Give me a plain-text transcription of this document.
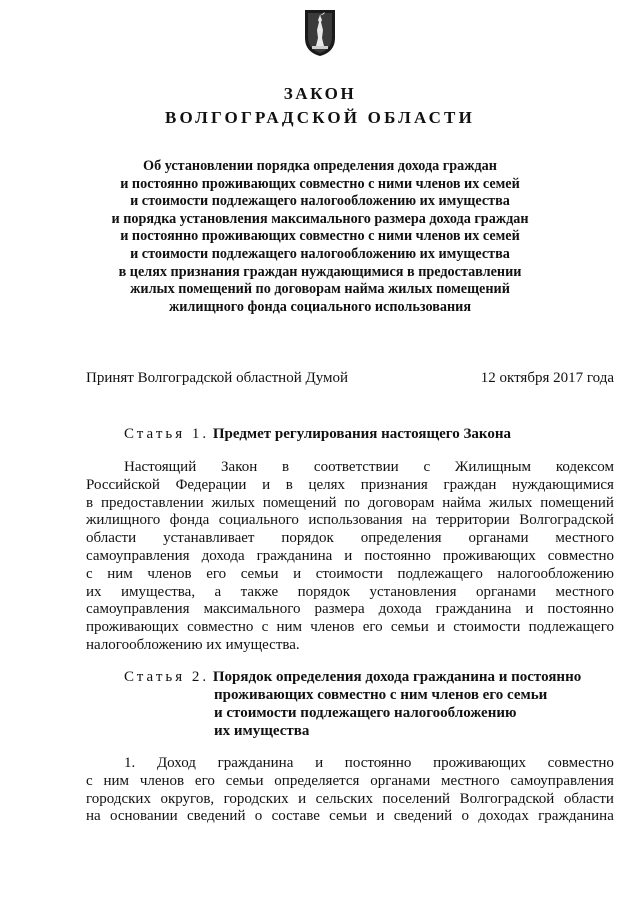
ЗАКОН
ВОЛГОГРАДСКОЙ ОБЛАСТИ
Об установлении порядка определения дохода граждан
и постоянно проживающих совместно с ними членов их семей
и стоимости подлежащего налогообложению их имущества
и порядка установления максимального размера дохода граждан
и постоянно проживающих совместно с ними членов их семей
и стоимости подлежащего налогообложению их имущества
в целях признания граждан нуждающимися в предоставлении
жилых помещений по договорам найма жилых помещений
жилищного фонда социального использования
Принят Волгоградской областной Думой	12 октября 2017 года
Статья 1. Предмет регулирования настоящего Закона
Настоящий Закон в соответствии с Жилищным кодексом
Российской Федерации и в целях признания граждан нуждающимися
в предоставлении жилых помещений по договорам найма жилых помещений
жилищного фонда социального использования на территории Волгоградской
области устанавливает порядок определения органами местного
самоуправления дохода гражданина и постоянно проживающих совместно
с ним членов его семьи и стоимости подлежащего налогообложению
их имущества, а также порядок установления органами местного
самоуправления максимального размера дохода гражданина и постоянно
проживающих совместно с ним членов его семьи и стоимости подлежащего
налогообложению их имущества.
Статья 2. Порядок определения дохода гражданина и постоянно
проживающих совместно с ним членов его семьи
и стоимости подлежащего налогообложению
их имущества
1. Доход гражданина и постоянно проживающих совместно
с ним членов его семьи определяется органами местного самоуправления
городских округов, городских и сельских поселений Волгоградской области
на основании сведений о составе семьи и сведений о доходах гражданина
